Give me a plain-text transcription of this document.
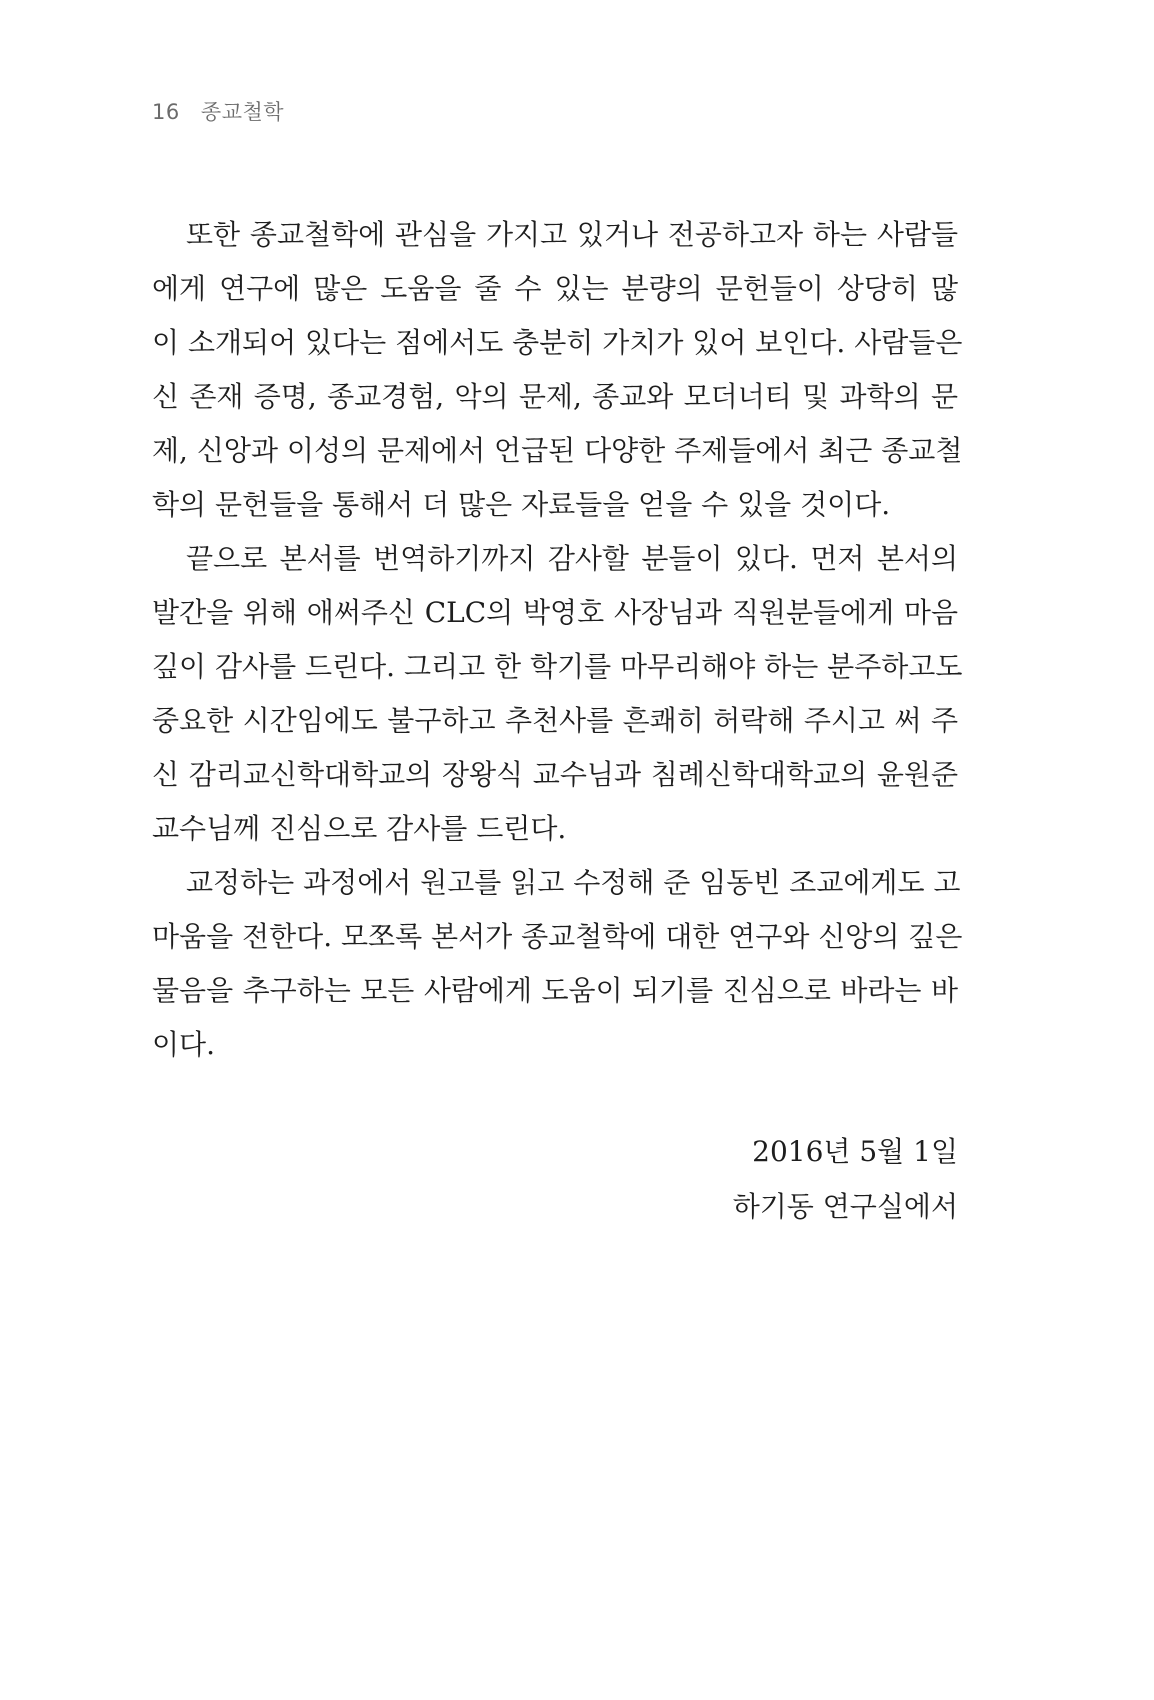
16 종교철학
또한 종교철학에 관심을 가지고 있거나 전공하고자 하는 사람들
에게 연구에 많은 도움을 줄 수 있는 분량의 문헌들이 상당히 많
이 소개되어 있다는 점에서도 충분히 가치가 있어 보인다. 사람들은
신 존재 증명, 종교경험, 악의 문제, 종교와 모더너티 및 과학의 문
제, 신앙과 이성의 문제에서 언급된 다양한 주제들에서 최근 종교철
학의 문헌들을 통해서 더 많은 자료들을 얻을 수 있을 것이다.
끝으로 본서를 번역하기까지 감사할 분들이 있다. 먼저 본서의
발간을 위해 애써주신 CLC의 박영호 사장님과 직원분들에게 마음
깊이 감사를 드린다. 그리고 한 학기를 마무리해야 하는 분주하고도
중요한 시간임에도 불구하고 추천사를 흔쾌히 허락해 주시고 써 주
신 감리교신학대학교의 장왕식 교수님과 침례신학대학교의 윤원준
교수님께 진심으로 감사를 드린다.
교정하는 과정에서 원고를 읽고 수정해 준 임동빈 조교에게도 고
마움을 전한다. 모쪼록 본서가 종교철학에 대한 연구와 신앙의 깊은
물음을 추구하는 모든 사람에게 도움이 되기를 진심으로 바라는 바
이다.
2016년 5월 1일
하기동 연구실에서
